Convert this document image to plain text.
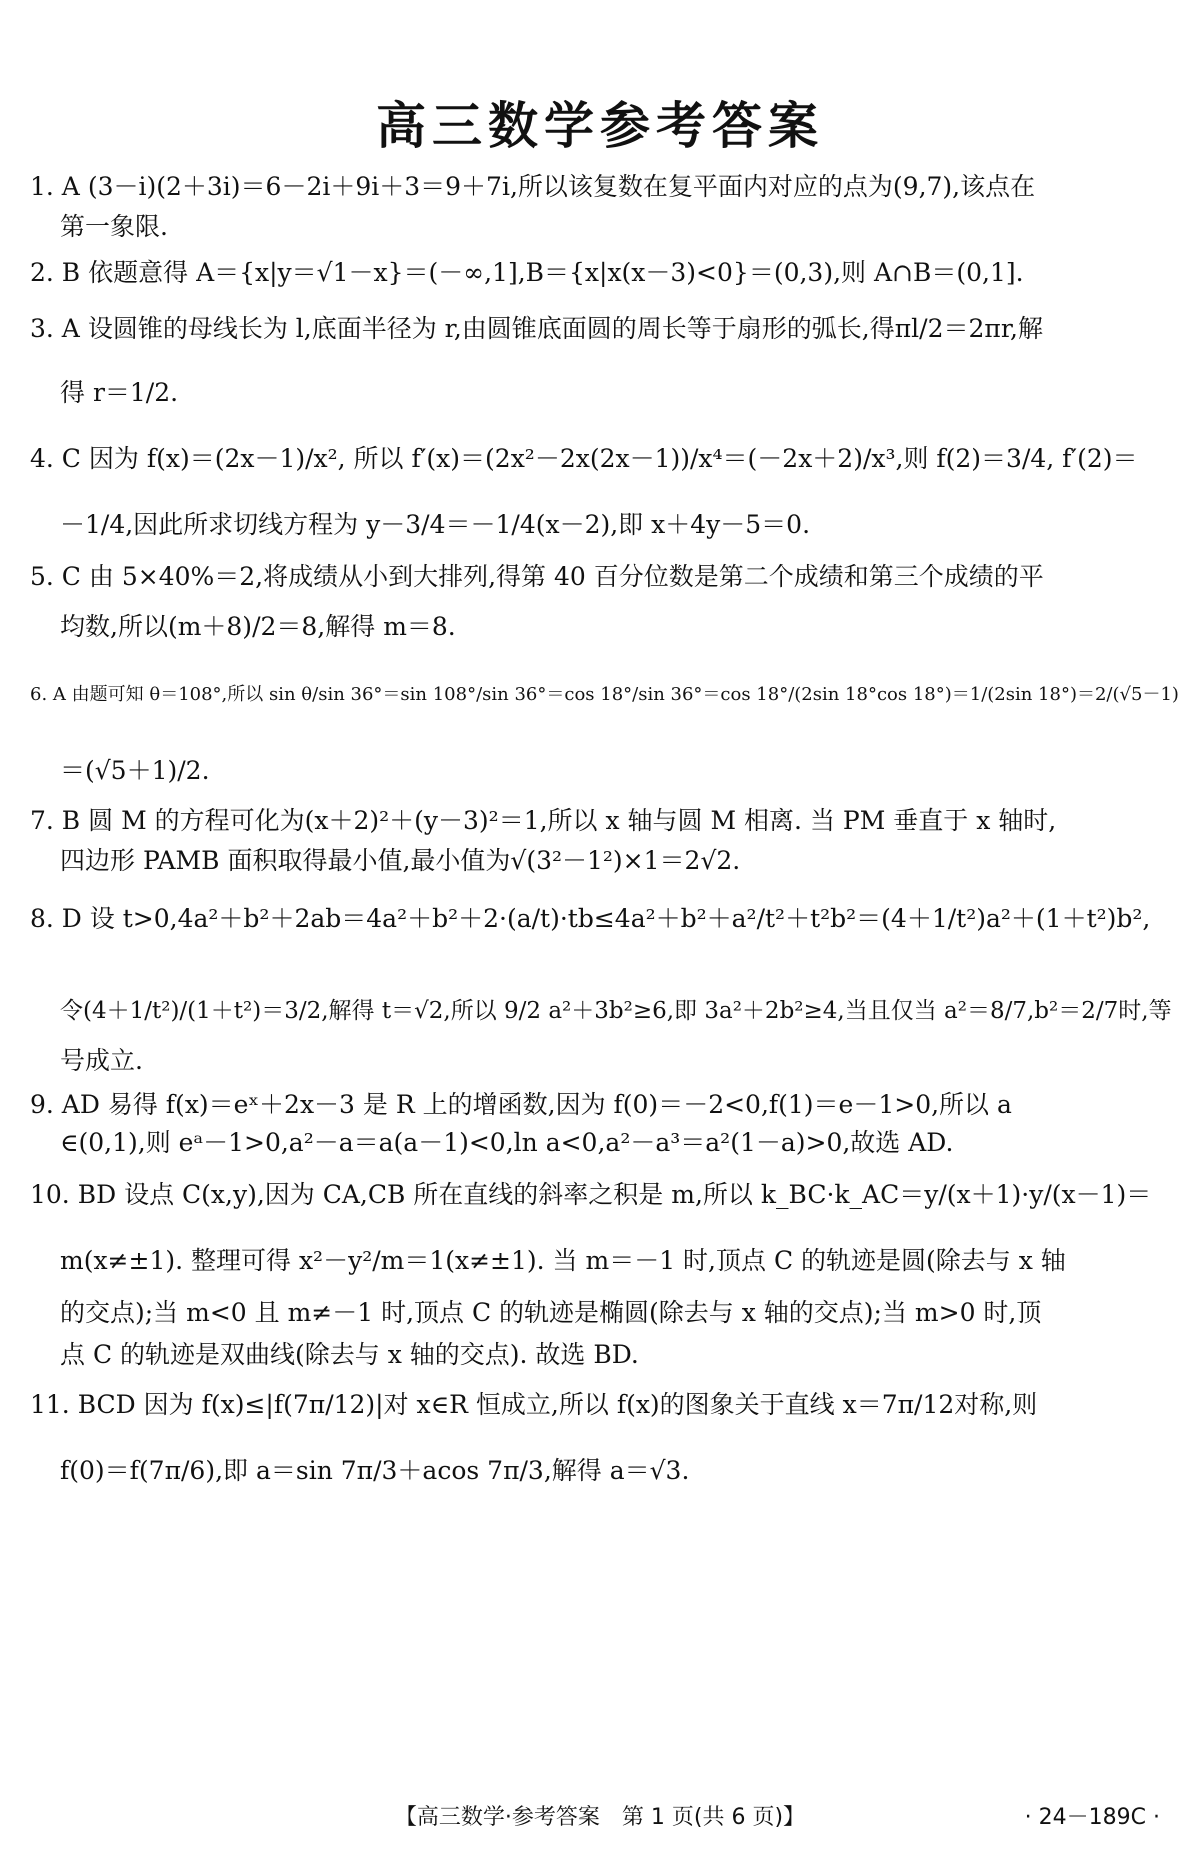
高三数学参考答案
1. A (3－i)(2＋3i)＝6－2i＋9i＋3＝9＋7i,所以该复数在复平面内对应的点为(9,7),该点在
第一象限.
2. B 依题意得 A＝{x|y＝√1－x}＝(－∞,1],B＝{x|x(x－3)<0}＝(0,3),则 A∩B＝(0,1].
3. A 设圆锥的母线长为 l,底面半径为 r,由圆锥底面圆的周长等于扇形的弧长,得πl/2＝2πr,解
得 r＝1/2.
4. C 因为 f(x)＝(2x－1)/x², 所以 f′(x)＝(2x²－2x(2x－1))/x⁴＝(－2x＋2)/x³,则 f(2)＝3/4, f′(2)＝
－1/4,因此所求切线方程为 y－3/4＝－1/4(x－2),即 x＋4y－5＝0.
5. C 由 5×40%＝2,将成绩从小到大排列,得第 40 百分位数是第二个成绩和第三个成绩的平
均数,所以(m＋8)/2＝8,解得 m＝8.
6. A 由题可知 θ＝108°,所以 sin θ/sin 36°＝sin 108°/sin 36°＝cos 18°/sin 36°＝cos 18°/(2sin 18°cos 18°)＝1/(2sin 18°)＝2/(√5－1)
＝(√5＋1)/2.
7. B 圆 M 的方程可化为(x＋2)²＋(y－3)²＝1,所以 x 轴与圆 M 相离. 当 PM 垂直于 x 轴时,
四边形 PAMB 面积取得最小值,最小值为√(3²－1²)×1＝2√2.
8. D 设 t>0,4a²＋b²＋2ab＝4a²＋b²＋2·(a/t)·tb≤4a²＋b²＋a²/t²＋t²b²＝(4＋1/t²)a²＋(1＋t²)b²,
令(4＋1/t²)/(1＋t²)＝3/2,解得 t＝√2,所以 9/2 a²＋3b²≥6,即 3a²＋2b²≥4,当且仅当 a²＝8/7,b²＝2/7时,等
号成立.
9. AD 易得 f(x)＝eˣ＋2x－3 是 R 上的增函数,因为 f(0)＝－2<0,f(1)＝e－1>0,所以 a
∈(0,1),则 eᵃ－1>0,a²－a＝a(a－1)<0,ln a<0,a²－a³＝a²(1－a)>0,故选 AD.
10. BD 设点 C(x,y),因为 CA,CB 所在直线的斜率之积是 m,所以 k_BC·k_AC＝y/(x＋1)·y/(x－1)＝
m(x≠±1). 整理可得 x²－y²/m＝1(x≠±1). 当 m＝－1 时,顶点 C 的轨迹是圆(除去与 x 轴
的交点);当 m<0 且 m≠－1 时,顶点 C 的轨迹是椭圆(除去与 x 轴的交点);当 m>0 时,顶
点 C 的轨迹是双曲线(除去与 x 轴的交点). 故选 BD.
11. BCD 因为 f(x)≤|f(7π/12)|对 x∈R 恒成立,所以 f(x)的图象关于直线 x＝7π/12对称,则
f(0)＝f(7π/6),即 a＝sin 7π/3＋acos 7π/3,解得 a＝√3.
【高三数学·参考答案　第 1 页(共 6 页)】	· 24－189C ·
